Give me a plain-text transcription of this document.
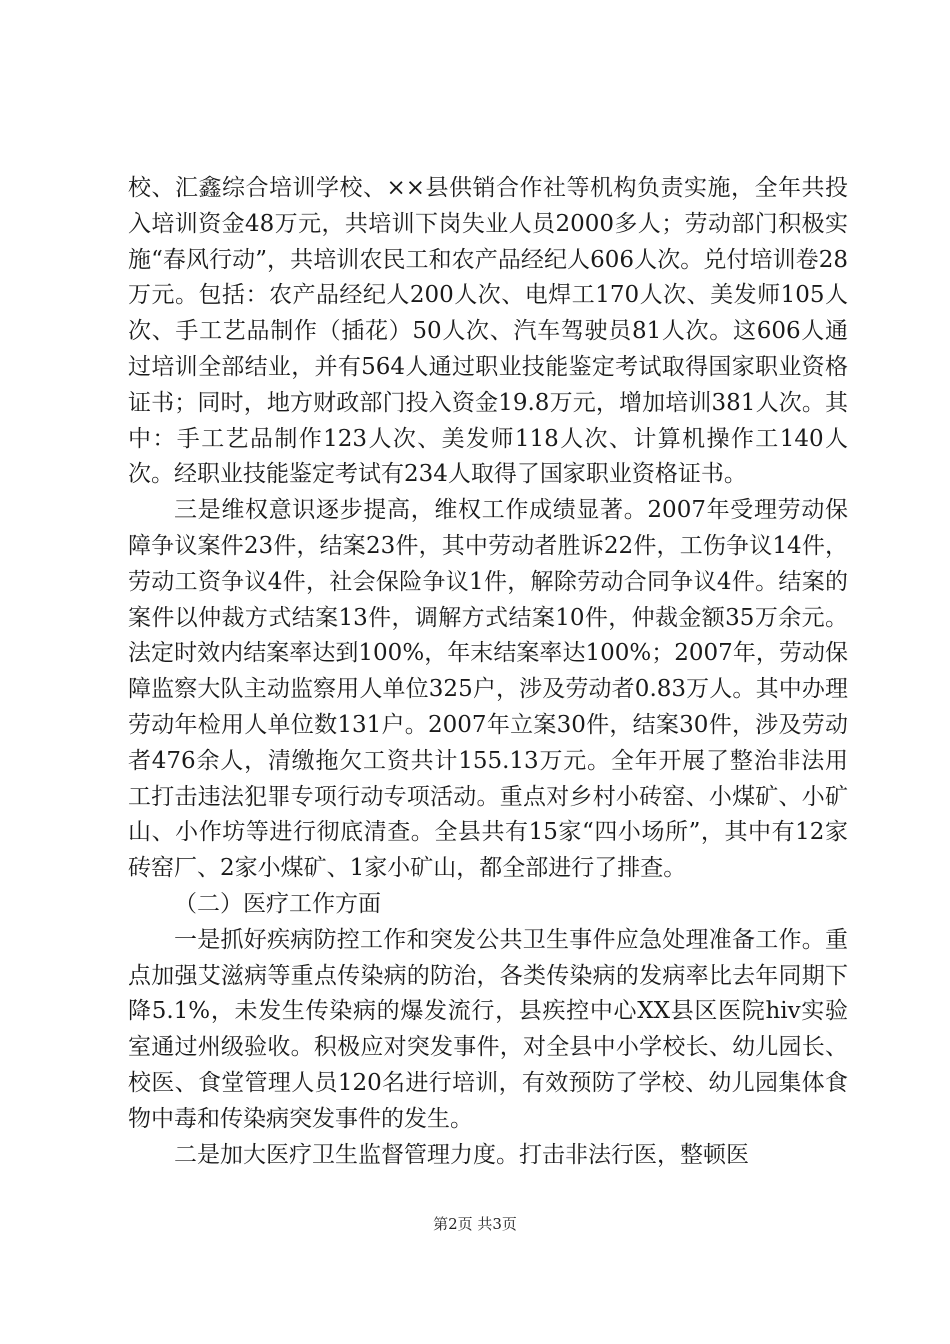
校、汇鑫综合培训学校、××县供销合作社等机构负责实施，全年共投入培训资金48万元，共培训下岗失业人员2000多人；劳动部门积极实施“春风行动”，共培训农民工和农产品经纪人606人次。兑付培训卷28万元。包括：农产品经纪人200人次、电焊工170人次、美发师105人次、手工艺品制作（插花）50人次、汽车驾驶员81人次。这606人通过培训全部结业，并有564人通过职业技能鉴定考试取得国家职业资格证书；同时，地方财政部门投入资金19.8万元，增加培训381人次。其中：手工艺品制作123人次、美发师118人次、计算机操作工140人次。经职业技能鉴定考试有234人取得了国家职业资格证书。

三是维权意识逐步提高，维权工作成绩显著。2007年受理劳动保障争议案件23件，结案23件，其中劳动者胜诉22件，工伤争议14件，劳动工资争议4件，社会保险争议1件，解除劳动合同争议4件。结案的案件以仲裁方式结案13件，调解方式结案10件，仲裁金额35万余元。法定时效内结案率达到100%，年末结案率达100%；2007年，劳动保障监察大队主动监察用人单位325户，涉及劳动者0.83万人。其中办理劳动年检用人单位数131户。2007年立案30件，结案30件，涉及劳动者476余人，清缴拖欠工资共计155.13万元。全年开展了整治非法用工打击违法犯罪专项行动专项活动。重点对乡村小砖窑、小煤矿、小矿山、小作坊等进行彻底清查。全县共有15家“四小场所”，其中有12家砖窑厂、2家小煤矿、1家小矿山，都全部进行了排查。

（二）医疗工作方面

一是抓好疾病防控工作和突发公共卫生事件应急处理准备工作。重点加强艾滋病等重点传染病的防治，各类传染病的发病率比去年同期下降5.1%，未发生传染病的爆发流行，县疾控中心XX县区医院hiv实验室通过州级验收。积极应对突发事件，对全县中小学校长、幼儿园长、校医、食堂管理人员120名进行培训，有效预防了学校、幼儿园集体食物中毒和传染病突发事件的发生。

二是加大医疗卫生监督管理力度。打击非法行医，整顿医

第2页 共3页
